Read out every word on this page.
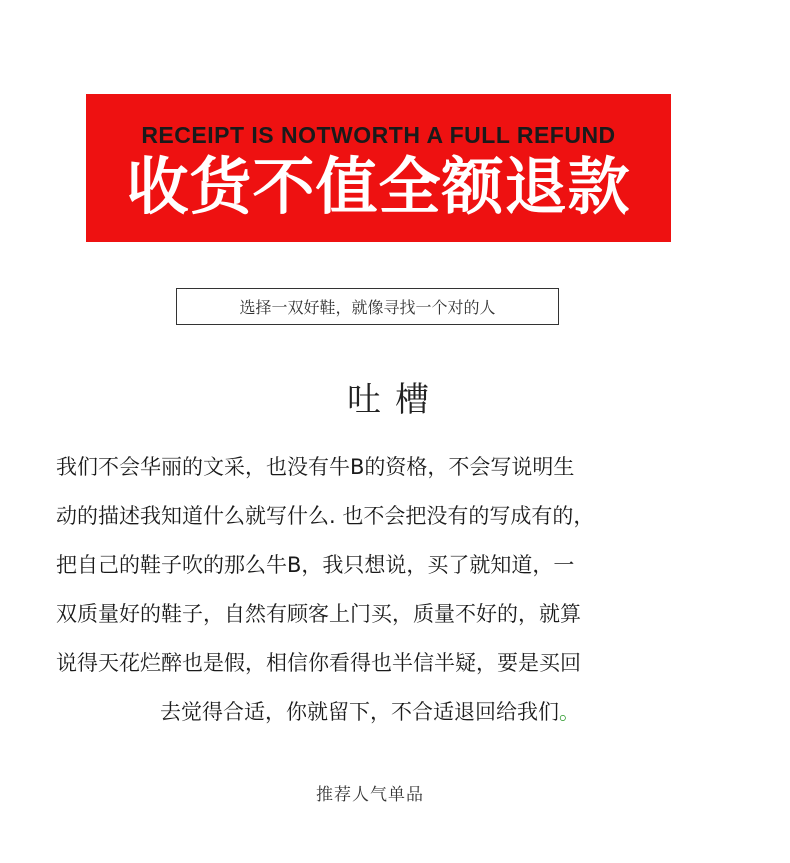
RECEIPT IS NOTWORTH A FULL REFUND
收货不值全额退款
选择一双好鞋，就像寻找一个对的人
吐槽
我们不会华丽的文采，也没有牛B的资格，不会写说明生
动的描述我知道什么就写什么. 也不会把没有的写成有的，
把自己的鞋子吹的那么牛B，我只想说，买了就知道，一
双质量好的鞋子，自然有顾客上门买，质量不好的，就算
说得天花烂醉也是假，相信你看得也半信半疑，要是买回
去觉得合适，你就留下，不合适退回给我们。
推荐人气单品
